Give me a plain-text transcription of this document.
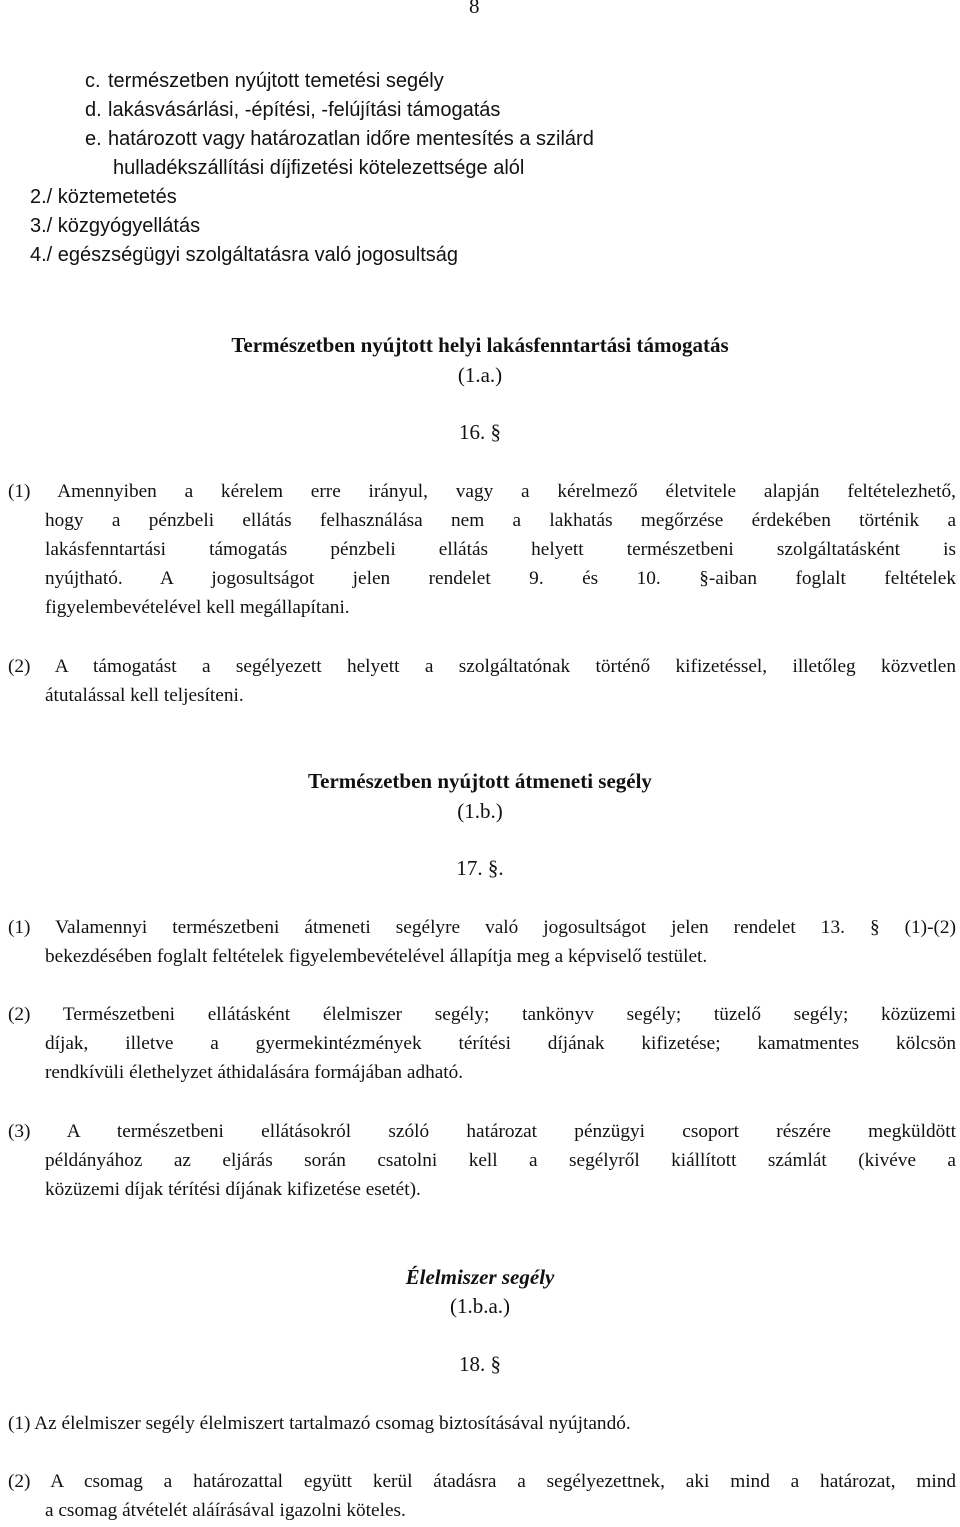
8
c. természetben nyújtott temetési segély
d. lakásvásárlási, -építési, -felújítási támogatás
e. határozott vagy határozatlan időre mentesítés a szilárd
hulladékszállítási díjfizetési kötelezettsége alól
2./ köztemetetés
3./ közgyógyellátás
4./ egészségügyi szolgáltatásra való jogosultság
Természetben nyújtott helyi lakásfenntartási támogatás
(1.a.)
16. §
(1) Amennyiben a kérelem erre irányul, vagy a kérelmező életvitele alapján feltételezhető,
hogy a pénzbeli ellátás felhasználása nem a lakhatás megőrzése érdekében történik a
lakásfenntartási támogatás pénzbeli ellátás helyett természetbeni szolgáltatásként is
nyújtható. A jogosultságot jelen rendelet 9. és 10. §-aiban foglalt feltételek
figyelembevételével kell megállapítani.
(2) A támogatást a segélyezett helyett a szolgáltatónak történő kifizetéssel, illetőleg közvetlen
átutalással kell teljesíteni.
Természetben nyújtott átmeneti segély
(1.b.)
17. §.
(1) Valamennyi természetbeni átmeneti segélyre való jogosultságot jelen rendelet 13. § (1)-(2)
bekezdésében foglalt feltételek figyelembevételével állapítja meg a képviselő testület.
(2) Természetbeni ellátásként élelmiszer segély; tankönyv segély; tüzelő segély; közüzemi
díjak, illetve a gyermekintézmények térítési díjának kifizetése; kamatmentes kölcsön
rendkívüli élethelyzet áthidalására formájában adható.
(3) A természetbeni ellátásokról szóló határozat pénzügyi csoport részére megküldött
példányához az eljárás során csatolni kell a segélyről kiállított számlát (kivéve a
közüzemi díjak térítési díjának kifizetése esetét).
Élelmiszer segély
(1.b.a.)
18. §
(1) Az élelmiszer segély élelmiszert tartalmazó csomag biztosításával nyújtandó.
(2) A csomag a határozattal együtt kerül átadásra a segélyezettnek, aki mind a határozat, mind
a csomag átvételét aláírásával igazolni köteles.
